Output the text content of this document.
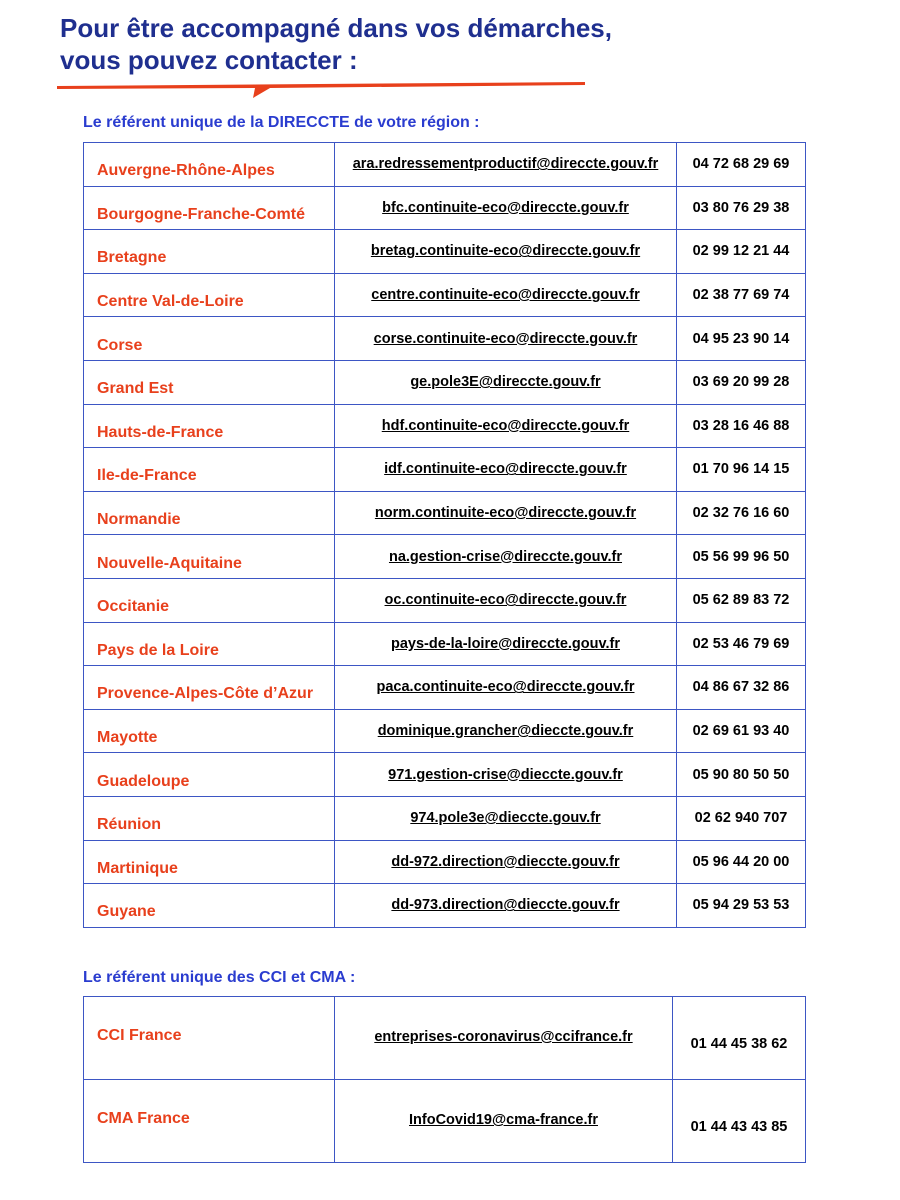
Pour être accompagné dans vos démarches,
vous pouvez contacter :

Le référent unique de la DIRECCTE de votre région :

Auvergne-Rhône-Alpes	ara.redressementproductif@direccte.gouv.fr	04 72 68 29 69
Bourgogne-Franche-Comté	bfc.continuite-eco@direccte.gouv.fr	03 80 76 29 38
Bretagne	bretag.continuite-eco@direccte.gouv.fr	02 99 12 21 44
Centre Val-de-Loire	centre.continuite-eco@direccte.gouv.fr	02 38 77 69 74
Corse	corse.continuite-eco@direccte.gouv.fr	04 95 23 90 14
Grand Est	ge.pole3E@direccte.gouv.fr	03 69 20 99 28
Hauts-de-France	hdf.continuite-eco@direccte.gouv.fr	03 28 16 46 88
Ile-de-France	idf.continuite-eco@direccte.gouv.fr	01 70 96 14 15
Normandie	norm.continuite-eco@direccte.gouv.fr	02 32 76 16 60
Nouvelle-Aquitaine	na.gestion-crise@direccte.gouv.fr	05 56 99 96 50
Occitanie	oc.continuite-eco@direccte.gouv.fr	05 62 89 83 72
Pays de la Loire	pays-de-la-loire@direccte.gouv.fr	02 53 46 79 69
Provence-Alpes-Côte d’Azur	paca.continuite-eco@direccte.gouv.fr	04 86 67 32 86
Mayotte	dominique.grancher@dieccte.gouv.fr	02 69 61 93 40
Guadeloupe	971.gestion-crise@dieccte.gouv.fr	05 90 80 50 50
Réunion	974.pole3e@dieccte.gouv.fr	02 62 940 707
Martinique	dd-972.direction@dieccte.gouv.fr	05 96 44 20 00
Guyane	dd-973.direction@dieccte.gouv.fr	05 94 29 53 53

Le référent unique des CCI et CMA :

CCI France	entreprises-coronavirus@ccifrance.fr	01 44 45 38 62
CMA France	InfoCovid19@cma-france.fr	01 44 43 43 85
